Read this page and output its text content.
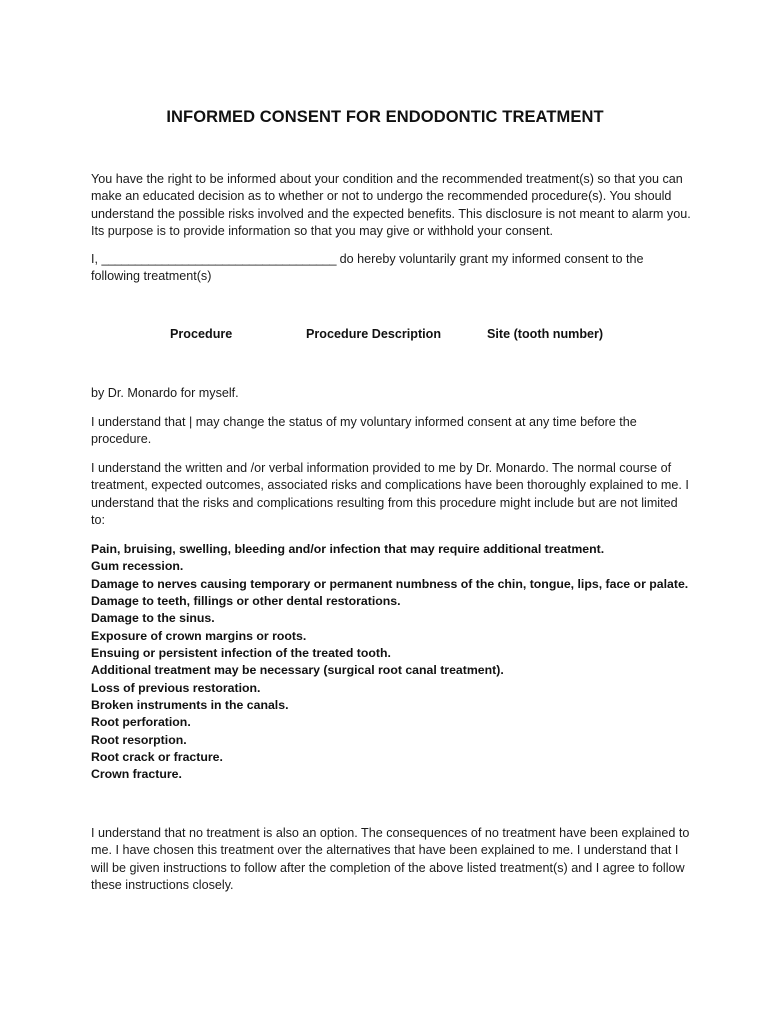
INFORMED CONSENT FOR ENDODONTIC TREATMENT

You have the right to be informed about your condition and the recommended treatment(s) so that you can make an educated decision as to whether or not to undergo the recommended procedure(s). You should understand the possible risks involved and the expected benefits. This disclosure is not meant to alarm you. Its purpose is to provide information so that you may give or withhold your consent.

I, ___________________________________ do hereby voluntarily grant my informed consent to the following treatment(s)

Procedure	Procedure Description	Site (tooth number)

by Dr. Monardo for myself.

I understand that | may change the status of my voluntary informed consent at any time before the procedure.

I understand the written and /or verbal information provided to me by Dr. Monardo. The normal course of treatment, expected outcomes, associated risks and complications have been thoroughly explained to me. I understand that the risks and complications resulting from this procedure might include but are not limited to:

Pain, bruising, swelling, bleeding and/or infection that may require additional treatment.
Gum recession.
Damage to nerves causing temporary or permanent numbness of the chin, tongue, lips, face or palate.
Damage to teeth, fillings or other dental restorations.
Damage to the sinus.
Exposure of crown margins or roots.
Ensuing or persistent infection of the treated tooth.
Additional treatment may be necessary (surgical root canal treatment).
Loss of previous restoration.
Broken instruments in the canals.
Root perforation.
Root resorption.
Root crack or fracture.
Crown fracture.

I understand that no treatment is also an option. The consequences of no treatment have been explained to me. I have chosen this treatment over the alternatives that have been explained to me. I understand that I will be given instructions to follow after the completion of the above listed treatment(s) and I agree to follow these instructions closely.
